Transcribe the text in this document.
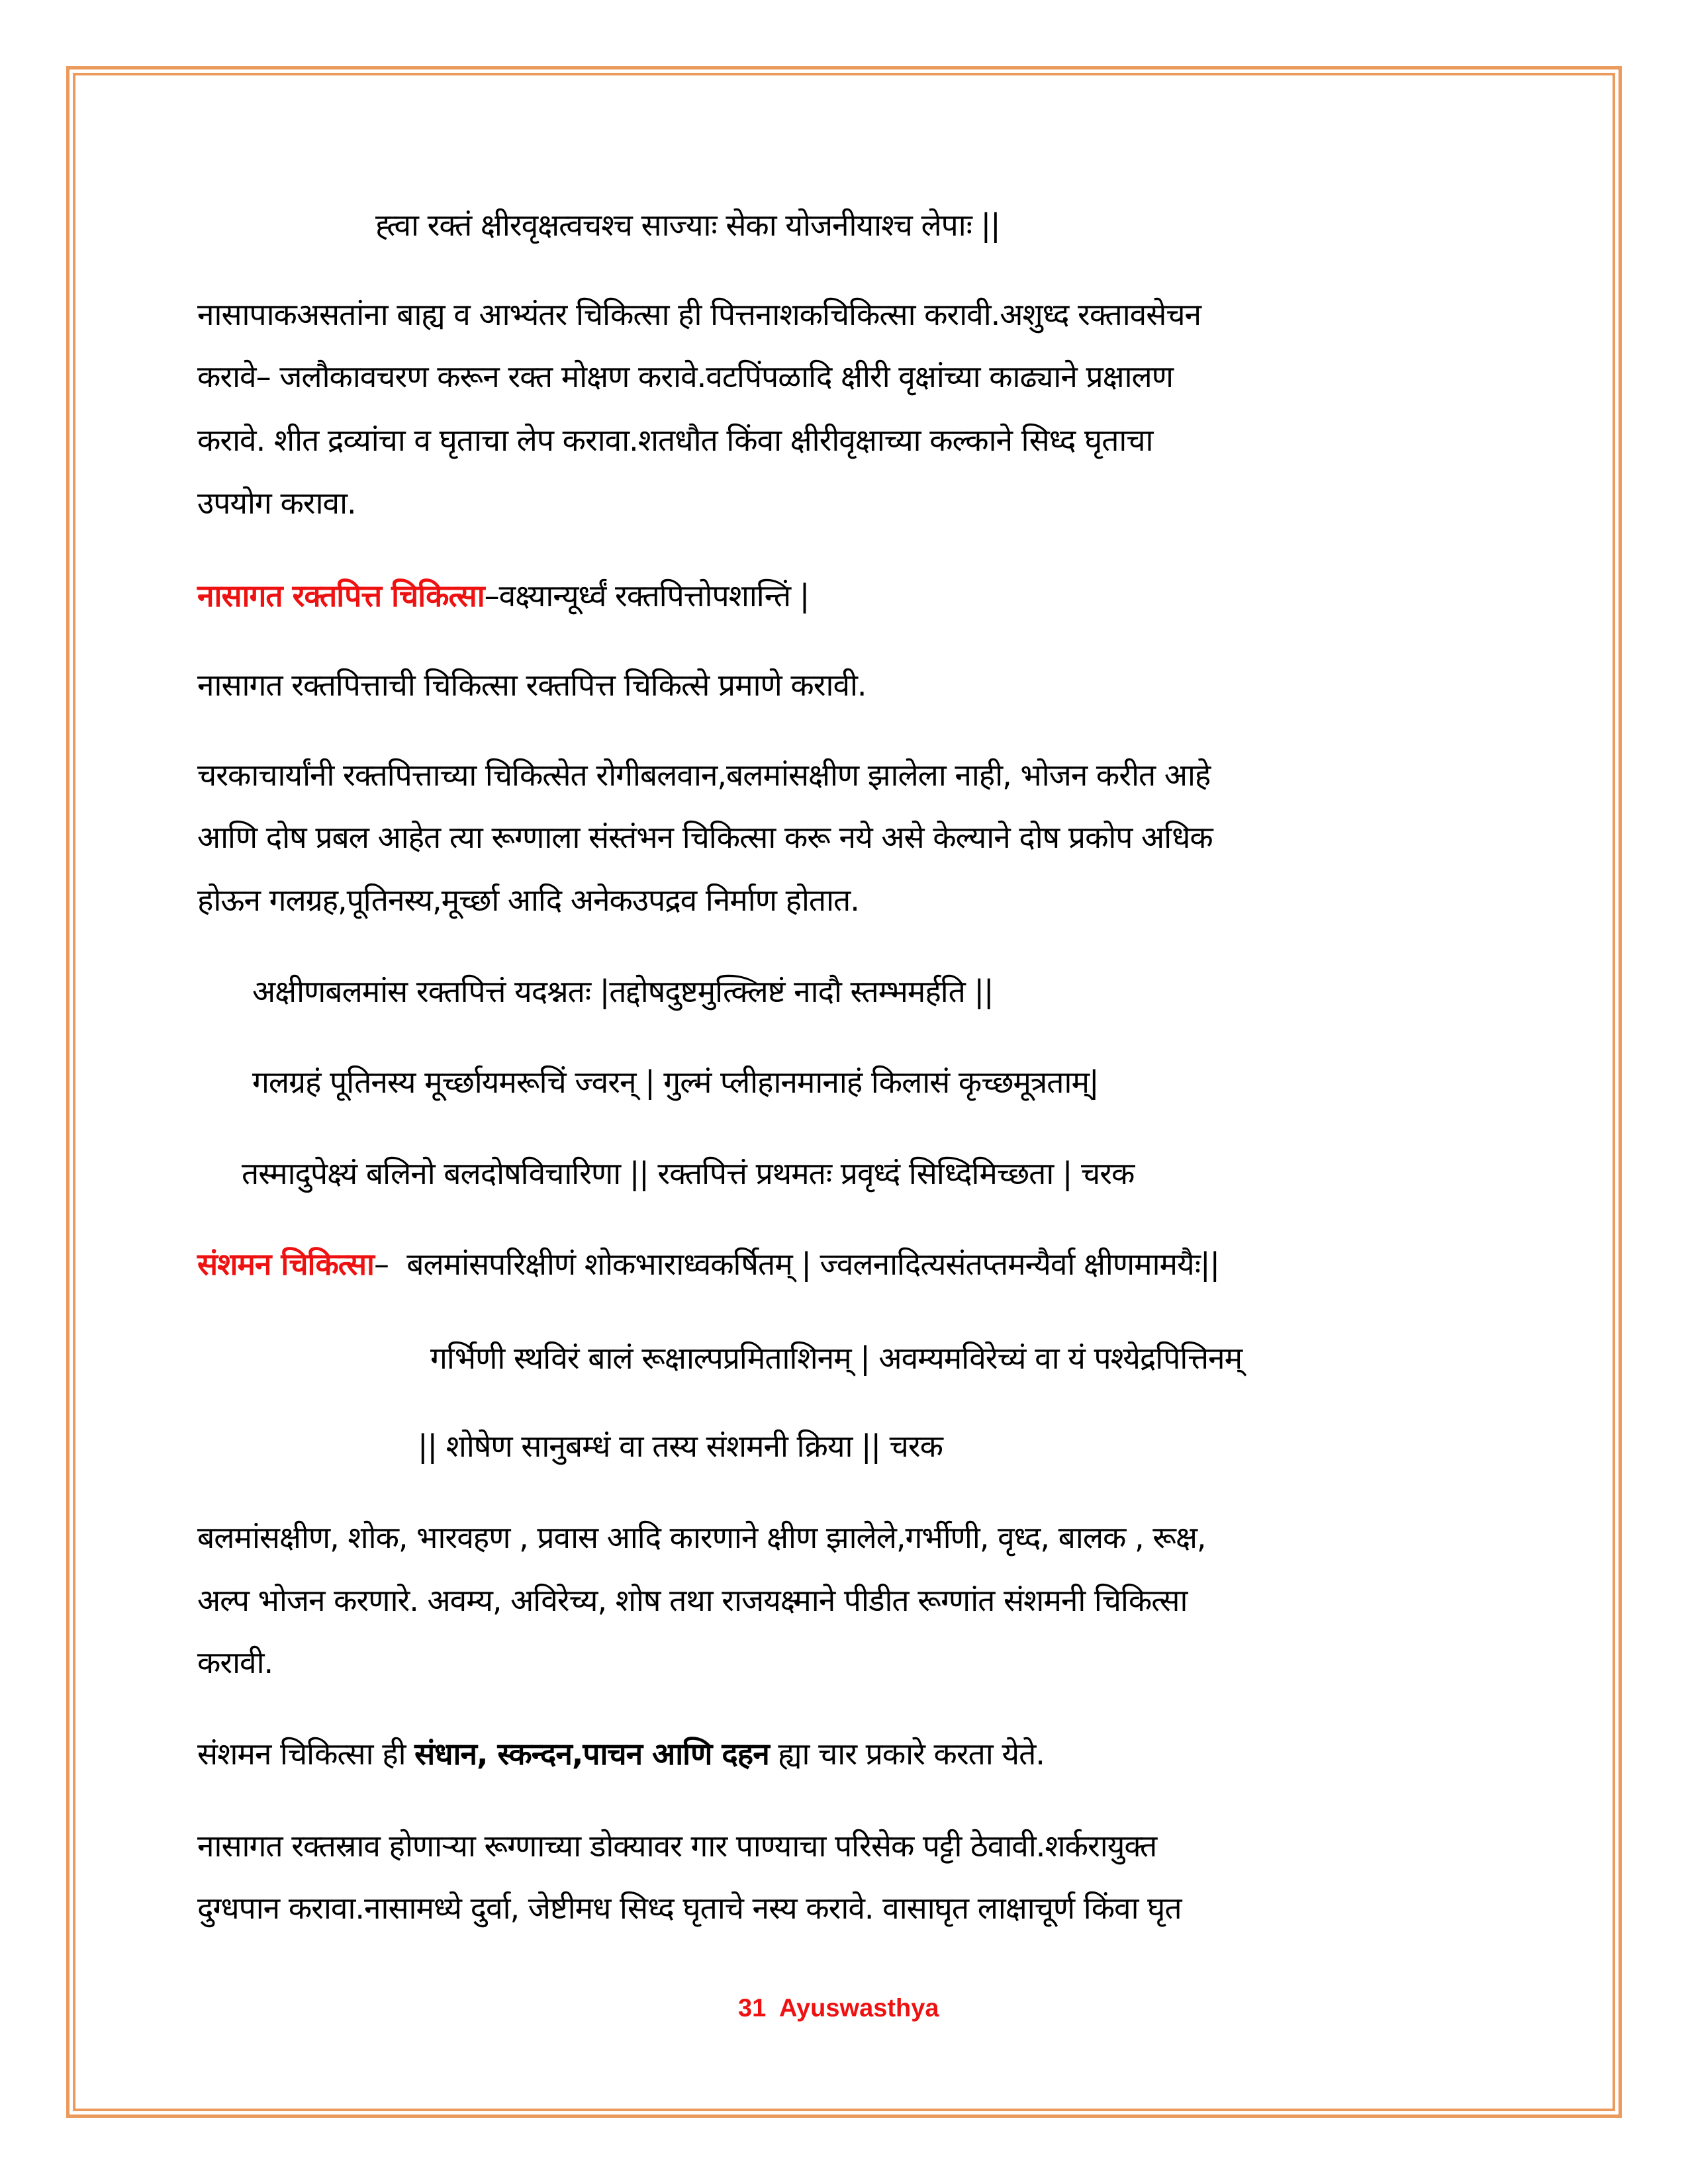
ह्त्वा रक्तं क्षीरवृक्षत्वचश्च साज्याः सेका योजनीयाश्च लेपाः ||
नासापाकअसतांना बाह्य व आभ्यंतर चिकित्सा ही पित्तनाशकचिकित्सा करावी.अशुध्द रक्तावसेचन
करावे– जलौकावचरण करून रक्त मोक्षण करावे.वटपिंपळादि क्षीरी वृक्षांच्या काढ्याने प्रक्षालण
करावे. शीत द्रव्यांचा व घृताचा लेप करावा.शतधौत किंवा क्षीरीवृक्षाच्या कल्काने सिध्द घृताचा
उपयोग करावा.
नासागत रक्तपित्त चिकित्सा–वक्ष्यान्यूर्ध्वं रक्तपित्तोपशान्तिं |
नासागत रक्तपित्ताची चिकित्सा रक्तपित्त चिकित्से प्रमाणे करावी.
चरकाचार्यांनी रक्तपित्ताच्या चिकित्सेत रोगीबलवान,बलमांसक्षीण झालेला नाही, भोजन करीत आहे
आणि दोष प्रबल आहेत त्या रूग्णाला संस्तंभन चिकित्सा करू नये असे केल्याने दोष प्रकोप अधिक
होऊन गलग्रह,पूतिनस्य,मूर्च्छा आदि अनेकउपद्रव निर्माण होतात.
अक्षीणबलमांस रक्तपित्तं यदश्नतः |तद्दोषदुष्टमुत्क्लिष्टं नादौ स्तम्भमर्हति ||
गलग्रहं पूतिनस्य मूर्च्छायमरूचिं ज्वरन् | गुल्मं प्लीहानमानाहं किलासं कृच्छमूत्रताम्|
तस्मादुपेक्ष्यं बलिनो बलदोषविचारिणा || रक्तपित्तं प्रथमतः प्रवृध्दं सिध्दिमिच्छता | चरक
संशमन चिकित्सा–  बलमांसपरिक्षीणं शोकभाराध्वकर्षितम् | ज्वलनादित्यसंतप्तमन्यैर्वा क्षीणमामयैः||
गर्भिणी स्थविरं बालं रूक्षाल्पप्रमिताशिनम् | अवम्यमविरेच्यं वा यं पश्येद्रपित्तिनम्
|| शोषेण सानुबम्धं वा तस्य संशमनी क्रिया || चरक
बलमांसक्षीण, शोक, भारवहण , प्रवास आदि कारणाने क्षीण झालेले,गर्भीणी, वृध्द, बालक , रूक्ष,
अल्प भोजन करणारे. अवम्य, अविरेच्य, शोष तथा राजयक्ष्माने पीडीत रूग्णांत संशमनी चिकित्सा
करावी.
संशमन चिकित्सा ही संधान, स्कन्दन,पाचन आणि दहन ह्या चार प्रकारे करता येते.
नासागत रक्तस्राव होणाऱ्या रूग्णाच्या डोक्यावर गार पाण्याचा परिसेक पट्टी ठेवावी.शर्करायुक्त
दुग्धपान करावा.नासामध्ये दुर्वा, जेष्टीमध सिध्द घृताचे नस्य करावे. वासाघृत लाक्षाचूर्ण किंवा घृत
31 Ayuswasthya
